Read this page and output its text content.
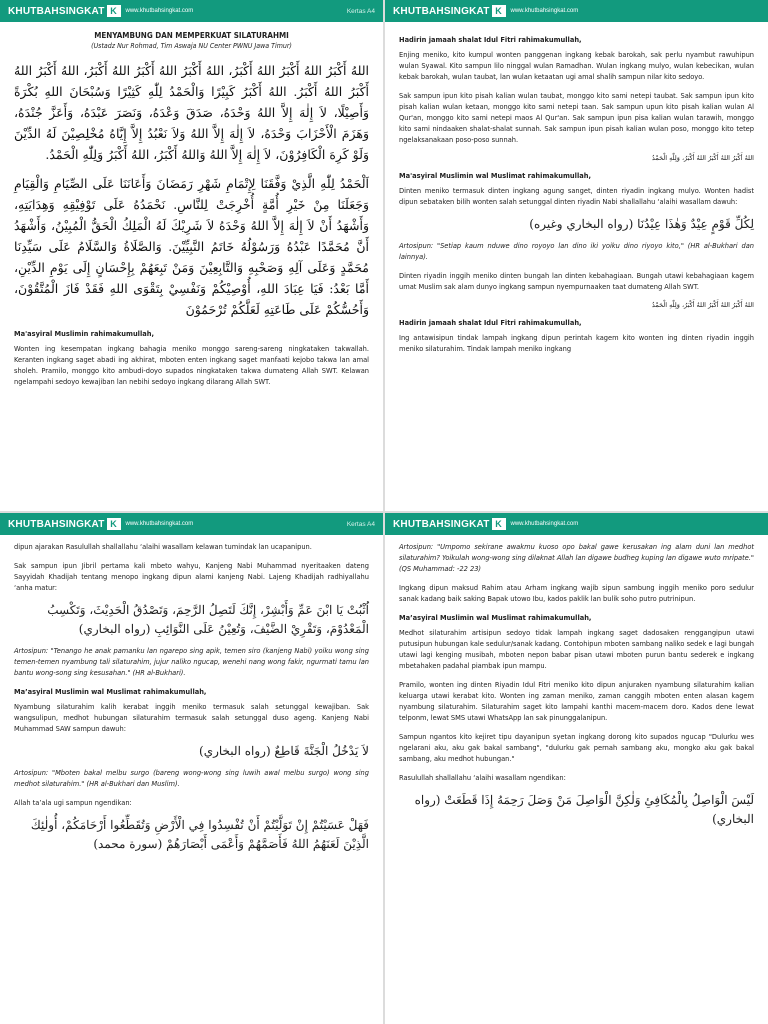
KHUTBAHSINGKAT K	www.khutbahsingkat.com	Kertas A4
MENYAMBUNG DAN MEMPERKUAT SILATURAHMI
(Ustadz Nur Rohmad, Tim Aswaja NU Center PWNU Jawa Timur)
اللهُ أَكْبَرُ اللهُ أَكْبَرُ اللهُ أَكْبَرُ، اللهُ أَكْبَرُ اللهُ أَكْبَرُ اللهُ أَكْبَرُ، اللهُ أَكْبَرُ اللهُ أَكْبَرُ اللهُ أَكْبَرُ. اللهُ أَكْبَرُ كَبِيْرًا وَالْحَمْدُ لِلّٰهِ كَثِيْرًا وَسُبْحَانَ اللهِ بُكْرَةً وَأَصِيْلًا، لاَ إِلٰهَ إِلاَّ اللهُ وَحْدَهُ، صَدَقَ وَعْدَهُ، وَنَصَرَ عَبْدَهُ، وَأَعَزَّ جُنْدَهُ، وَهَزَمَ الْأَحْزَابَ وَحْدَهُ، لاَ إِلٰهَ إِلاَّ اللهُ وَلاَ نَعْبُدُ إِلاَّ إِيَّاهُ مُخْلِصِيْنَ لَهُ الدِّيْنَ وَلَوْ كَرِهَ الْكَافِرُوْنَ، لاَ إِلٰهَ إِلاَّ اللهُ وَاللهُ أَكْبَرُ، اللهُ أَكْبَرُ وَلِلّٰهِ الْحَمْدُ.
اَلْحَمْدُ لِلّٰهِ الَّذِيْ وَفَّقَنَا لِإِتْمَامِ شَهْرِ رَمَضَانَ وَأَعَانَنَا عَلَى الصِّيَامِ وَالْقِيَامِ وَجَعَلَنَا مِنْ خَيْرِ أُمَّةٍ أُخْرِجَتْ لِلنَّاسِ. نَحْمَدُهُ عَلَى تَوْفِيْقِهِ وَهِدَايَتِهِ، وَأَشْهَدُ أَنْ لاَ إِلٰهَ إِلاَّ اللهُ وَحْدَهُ لاَ شَرِيْكَ لَهُ الْمَلِكُ الْحَقُّ الْمُبِيْنُ، وَأَشْهَدُ أَنَّ مُحَمَّدًا عَبْدُهُ وَرَسُوْلُهُ خَاتَمُ النَّبِيِّيْنَ. وَالصَّلَاةُ وَالسَّلَامُ عَلَى سَيِّدِنَا مُحَمَّدٍ وَعَلَى آلِهِ وَصَحْبِهِ وَالتَّابِعِيْنَ وَمَنْ تَبِعَهُمْ بِإِحْسَانٍ إِلَى يَوْمِ الدِّيْنِ، أَمَّا بَعْدُ: فَيَا عِبَادَ اللهِ، أُوْصِيْكُمْ وَنَفْسِيْ بِتَقْوَى اللهِ فَقَدْ فَازَ الْمُتَّقُوْنَ، وَأَحُسُّكُمْ عَلَى طَاعَتِهِ لَعَلَّكُمْ تُرْحَمُوْنَ
Ma'asyiral Muslimin rahimakumullah,

Wonten ing kesempatan ingkang bahagia meniko monggo sareng-sareng ningkataken takwallah. Keranten ingkang saget abadi ing akhirat, mboten enten ingkang saget manfaati kejobo takwa lan amal sholeh. Pramilo, monggo kito ambudi-doyo supados ningkataken takwa dumateng Allah SWT. Kelawan ngelampahi sedoyo kewajiban lan nebihi sedoyo ingkang dilarang Allah SWT.

KHUTBAHSINGKAT K	www.khutbahsingkat.com
Hadirin jamaah shalat Idul Fitri rahimakumullah,

Enjing meniko, kito kumpul wonten panggenan ingkang kebak barokah, sak perlu nyambut rawuhipun wulan Syawal. Kito sampun lilo ninggal wulan Ramadhan. Wulan ingkang mulyo, wulan kebecikan, wulan kebak barokah, wulan taubat, lan wulan ketaatan ugi amal shalih sampun nilar kito sedoyo.

Sak sampun ipun kito pisah kalian wulan taubat, monggo kito sami netepi taubat. Sak sampun ipun kito pisah kalian wulan ketaan, monggo kito sami netepi taan. Sak sampun upun kito pisah kalian wulan Al Qur'an, monggo kito sami netepi maos Al Qur'an. Sak sampun ipun pisa kalian wulan tarawih, monggo kito sami nindaaken shalat-shalat sunnah. Sak sampun ipun pisah kalian wulan poso, monggo kito tetep ngelaksanakaan poso-poso sunnah.

اللهُ أَكْبَرُ اللهُ أَكْبَرُ اللهُ أَكْبَرُ، وَلِلّٰهِ الْحَمْدُ
Ma'asyiral Muslimin wal Muslimat rahimakumullah,

Dinten meniko termasuk dinten ingkang agung sanget, dinten riyadin ingkang mulyo. Wonten hadist dipun sebataken bilih wonten salah setunggal dinten riyadin Nabi shallallahu ‘alaihi wasallam dawuh:

لِكُلِّ قَوْمٍ عِيْدٌ وَهٰذَا عِيْدُنَا (رواه البخاري وغيره)

Artosipun: "Setiap kaum nduwe dino royoyo lan dino iki yoiku dino riyoyo kito," (HR al-Bukhari dan lainnya).

Dinten riyadin inggih meniko dinten bungah lan dinten kebahagiaan. Bungah utawi kebahagiaan kagem umat Muslim sak alam dunyo ingkang sampun nyempurnaaken taat dumateng Allah SWT.

اللهُ أَكْبَرُ اللهُ أَكْبَرُ اللهُ أَكْبَرُ، وَلِلّٰهِ الْحَمْدُ
Hadirin jamaah shalat Idul Fitri rahimakumullah,

Ing antawisipun tindak lampah ingkang dipun perintah kagem kito wonten ing dinten riyadin inggih meniko silaturahim. Tindak lampah meniko ingkang

KHUTBAHSINGKAT K	www.khutbahsingkat.com	Kertas A4

dipun ajarakan Rasulullah shallallahu ‘alaihi wasallam kelawan tumindak lan ucapanipun.

Sak sampun ipun Jibril pertama kali mbeto wahyu, Kanjeng Nabi Muhammad nyeritaaken dateng Sayyidah Khadijah tentang menopo ingkang dipun alami kanjeng Nabi. Lajeng Khadijah radhiyallahu ‘anha matur:

اُثْبُتْ يَا ابْنَ عَمِّ وَأَبْشِرْ، إِنَّكَ لَتَصِلُ الرَّحِمَ، وَتَصْدُقُ الْحَدِيْثَ، وَتَكْسِبُ الْمَعْدُوْمَ، وَتَقْرِيْ الضَّيْفَ، وَتُعِيْنُ عَلَى النَّوَائِبِ (رواه البخاري)

Artosipun: "Tenango he anak pamanku lan ngarepo sing apik, temen siro (kanjeng Nabi) yoiku wong sing temen-temen nyambung tali silaturahim, jujur naliko ngucap, wenehi nang wong fakir, ngurmati tamu lan bantu wong-song sing kesusahan." (HR al-Bukhari).

Ma’asyiral Muslimin wal Muslimat rahimakumullah,

Nyambung silaturahim kalih kerabat inggih meniko termasuk salah setunggal kewajiban. Sak wangsulipun, medhot hubungan silaturahim termasuk salah setunggal duso ageng. Kanjeng Nabi Muhammad SAW sampun dawuh:

لاَ يَدْخُلُ الْجَنَّةَ قَاطِعٌ (رواه البخاري)

Artosipun: "Mboten bakal melbu surgo (bareng wong-wong sing luwih awal melbu surgo) wong sing medhot silaturahim." (HR al-Bukhari dan Muslim).

Allah ta’ala ugi sampun ngendikan:

فَهَلْ عَسَيْتُمْ إِنْ تَوَلَّيْتُمْ أَنْ تُفْسِدُوا فِي الْأَرْضِ وَتُقَطِّعُوا أَرْحَامَكُمْ، أُولٰئِكَ الَّذِيْنَ لَعَنَهُمُ اللهُ فَأَصَمَّهُمْ وَأَعْمَى أَبْصَارَهُمْ (سورة محمد)
KHUTBAHSINGKAT K	www.khutbahsingkat.com

Artosipun: "Umpomo sekirane awakmu kuoso opo bakal gawe kerusakan ing alam duni lan medhot silaturahim? Yoikulah wong-wong sing dilaknat Allah lan digawe budheg kuping lan digawe wuto mripate." (QS Muhammad: -22 23)

Ingkang dipun maksud Rahim atau Arham ingkang wajib sipun sambung inggih meniko poro sedulur sanak kadang baik saking Bapak utowo Ibu, kados paklik lan bulik soho putro putrinipun.

Ma’asyiral Muslimin wal Muslimat rahimakumullah,

Medhot silaturahim artisipun sedoyo tidak lampah ingkang saget dadosaken renggangipun utawi putusipun hubungan kale sedulur/sanak kadang. Contohipun mboten sambang naliko sedek e lagi bungah utawi lagi kenging musibah, mboten nepon babar pisan utawi mboten purun bantu sederek e ingkang mbetahaken padahal piambak ipun mampu.

Pramilo, wonten ing dinten Riyadin Idul Fitri meniko kito dipun anjuraken nyambung silaturahim kalian keluarga utawi kerabat kito. Wonten ing zaman meniko, zaman canggih mboten enten alasan kagem nyambung silaturahim. Silaturahim saget kito lampahi kanthi macem-macem doro. Kados dene lewat telponm, lewat SMS utawi WhatsApp lan sak pinunggalanipun.

Sampun ngantos kito kejiret tipu dayanipun syetan ingkang dorong kito supados ngucap "Dulurku wes ngelarani aku, aku gak bakal sambang", "dulurku gak pernah sambang aku, mongko aku gak bakal sambang, aku medhot hubungan."

Rasulullah shallallahu ‘alaihi wasallam ngendikan:

لَيْسَ الْوَاصِلُ بِالْمُكَافِئِ وَلٰكِنَّ الْوَاصِلَ مَنْ وَصَلَ رَحِمَهُ إِذَا قَطَعَتْ (رواه البخاري)
